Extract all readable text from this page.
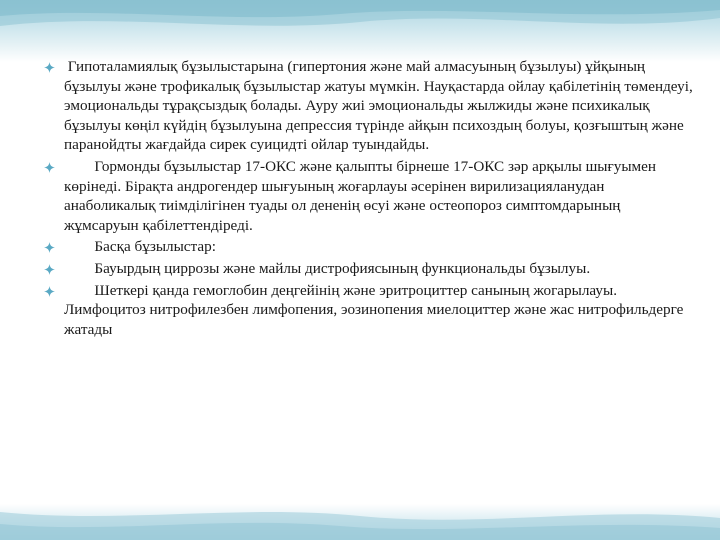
Гипоталамиялық бұзылыстарына (гипертония және май алмасуының бұзылуы) ұйқының бұзылуы және трофикалық бұзылыстар жатуы мүмкін. Науқастарда ойлау қабілетінің төмендеуі, эмоциональды тұрақсыздық болады. Ауру жиі эмоциональды жылжиды және психикалық бұзылуы көңіл күйдің бұзылуына депрессия түрінде айқын психоздың болуы, қозғыштың және паранойдты жағдайда сирек суицидті ойлар туындайды.
Гормонды бұзылыстар 17-ОКС және қалыпты бірнеше 17-ОКС зәр арқылы шығуымен көрінеді. Бірақта андрогендер шығуының жоғарлауы әсерінен вирилизацияланудан анаболикалық тиімділігінен туады ол дененің өсуі және остеопороз симптомдарының жұмсаруын қабілеттендіреді.
Басқа бұзылыстар:
Бауырдың циррозы және майлы дистрофиясының функциональды бұзылуы.
Шеткері қанда гемоглобин деңгейінің және эритроциттер санының жогарылауы. Лимфоцитоз нитрофилезбен лимфопения, эозинопения миелоциттер және жас нитрофильдерге жатады
